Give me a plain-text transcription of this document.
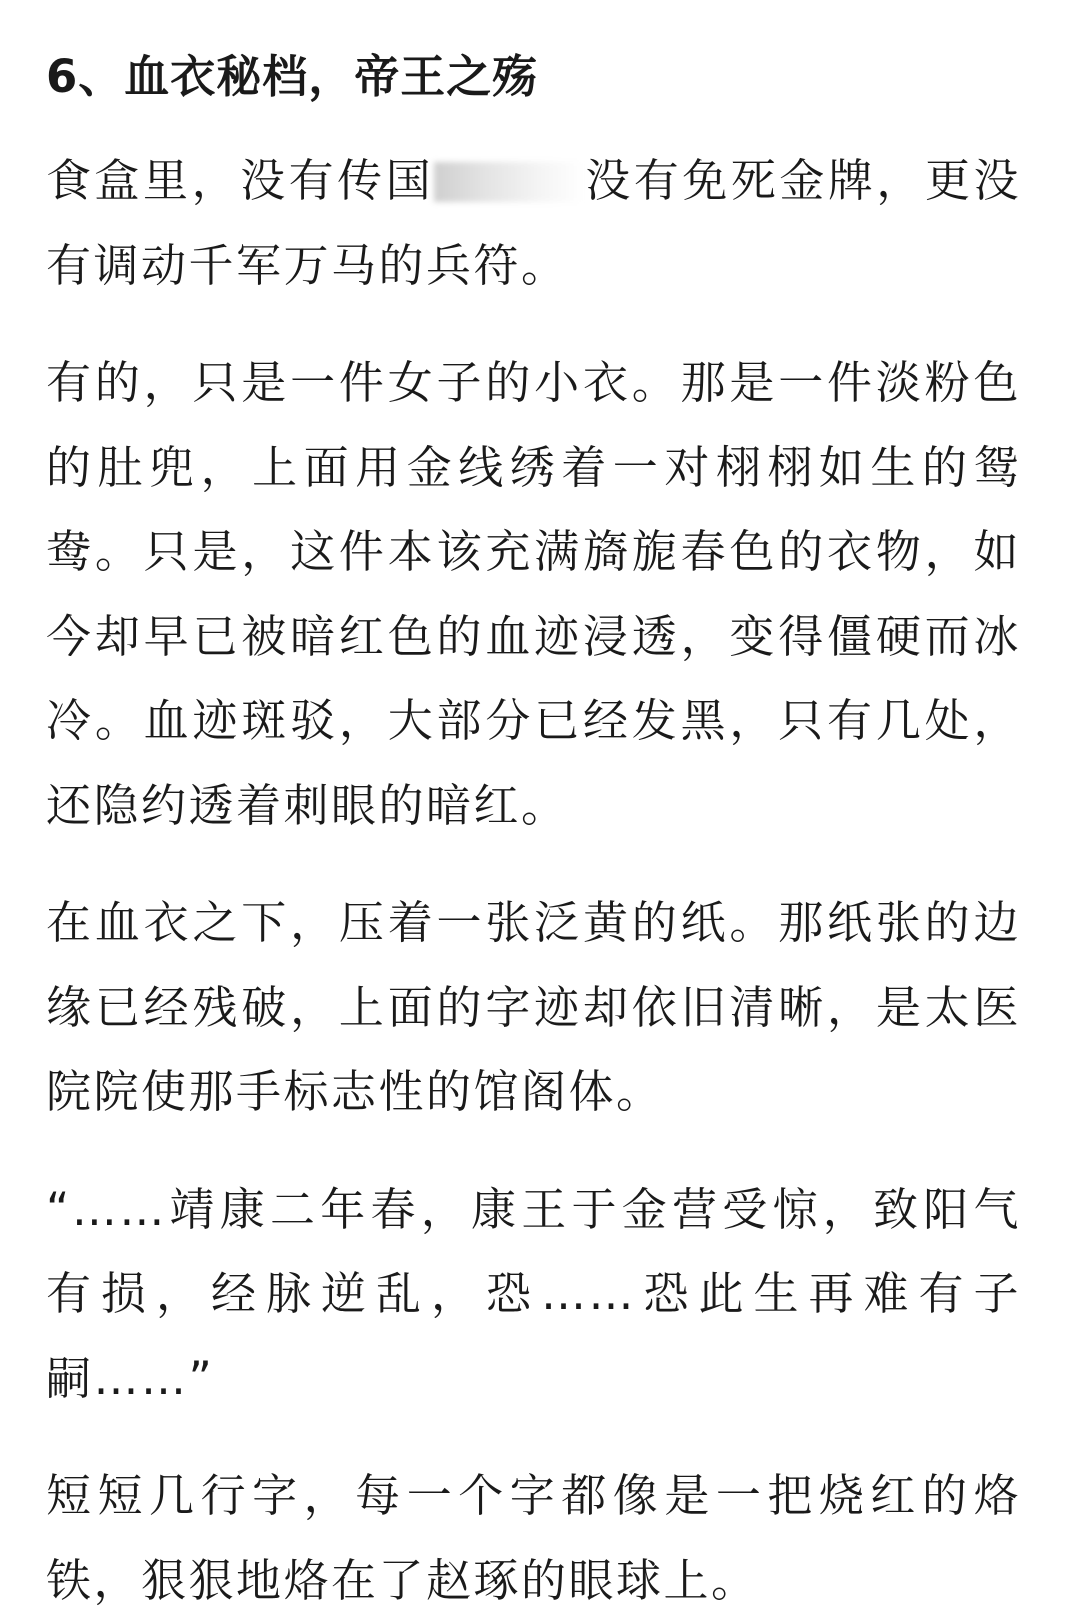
6、血衣秘档，帝王之殇

食盒里，没有传国	没有免死金牌，更没有调动千军万马的兵符。

有的，只是一件女子的小衣。那是一件淡粉色的肚兜，上面用金线绣着一对栩栩如生的鸳鸯。只是，这件本该充满旖旎春色的衣物，如今却早已被暗红色的血迹浸透，变得僵硬而冰冷。血迹斑驳，大部分已经发黑，只有几处，还隐约透着刺眼的暗红。

在血衣之下，压着一张泛黄的纸。那纸张的边缘已经残破，上面的字迹却依旧清晰，是太医院院使那手标志性的馆阁体。

“……靖康二年春，康王于金营受惊，致阳气有损，经脉逆乱，恐……恐此生再难有子嗣……”

短短几行字，每一个字都像是一把烧红的烙铁，狠狠地烙在了赵琢的眼球上。
